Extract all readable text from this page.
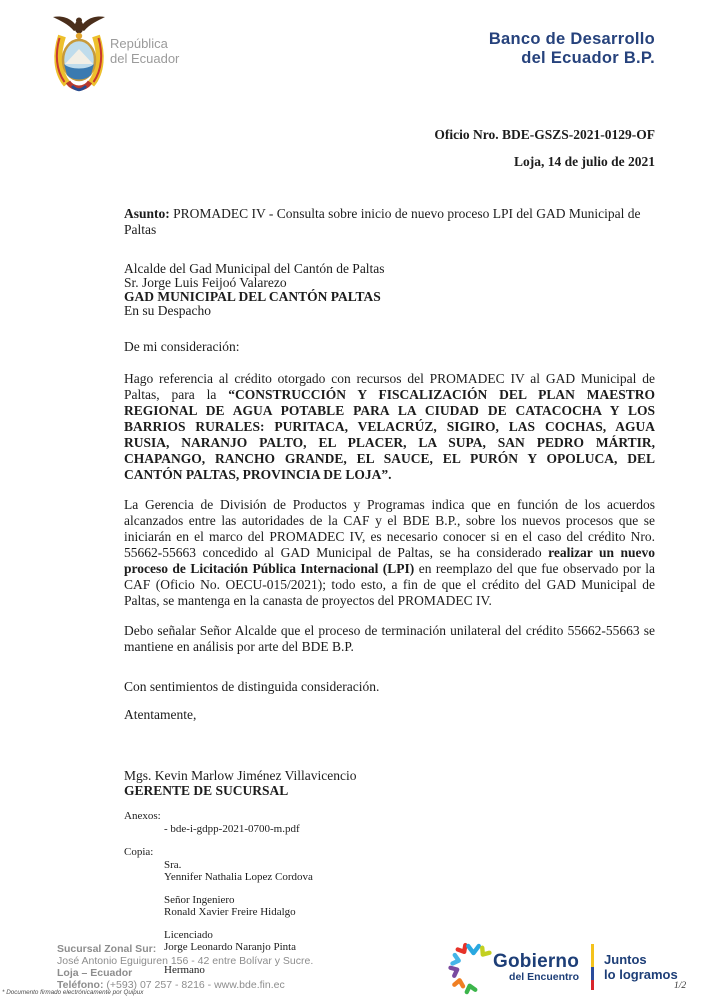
República
del Ecuador
Banco de Desarrollo
del Ecuador B.P.

Oficio Nro. BDE-GSZS-2021-0129-OF

Loja, 14 de julio de 2021

Asunto: PROMADEC IV - Consulta sobre inicio de nuevo proceso LPI del GAD Municipal de Paltas

Alcalde del Gad Municipal del Cantón de Paltas
Sr. Jorge Luis Feijoó Valarezo
GAD MUNICIPAL DEL CANTÓN PALTAS
En su Despacho

De mi consideración:

Hago referencia al crédito otorgado con recursos del PROMADEC IV al GAD Municipal de Paltas, para la “CONSTRUCCIÓN Y FISCALIZACIÓN DEL PLAN MAESTRO REGIONAL DE AGUA POTABLE PARA LA CIUDAD DE CATACOCHA Y LOS BARRIOS RURALES: PURITACA, VELACRÚZ, SIGIRO, LAS COCHAS, AGUA RUSIA, NARANJO PALTO, EL PLACER, LA SUPA, SAN PEDRO MÁRTIR, CHAPANGO, RANCHO GRANDE, EL SAUCE, EL PURÓN Y OPOLUCA, DEL CANTÓN PALTAS, PROVINCIA DE LOJA”.

La Gerencia de División de Productos y Programas indica que en función de los acuerdos alcanzados entre las autoridades de la CAF y el BDE B.P., sobre los nuevos procesos que se iniciarán en el marco del PROMADEC IV, es necesario conocer si en el caso del crédito Nro. 55662-55663 concedido al GAD Municipal de Paltas, se ha considerado realizar un nuevo proceso de Licitación Pública Internacional (LPI) en reemplazo del que fue observado por la CAF (Oficio No. OECU-015/2021); todo esto, a fin de que el crédito del GAD Municipal de Paltas, se mantenga en la canasta de proyectos del PROMADEC IV.

Debo señalar Señor Alcalde que el proceso de terminación unilateral del crédito 55662-55663 se mantiene en análisis por arte del BDE B.P.

Con sentimientos de distinguida consideración.

Atentamente,

Mgs. Kevin Marlow Jiménez Villavicencio
GERENTE DE SUCURSAL
Anexos:
- bde-i-gdpp-2021-0700-m.pdf
Copia:
Sra.
Yennifer Nathalia Lopez Cordova
Señor Ingeniero
Ronald Xavier Freire Hidalgo
Licenciado
Jorge Leonardo Naranjo Pinta
Hermano
Sucursal Zonal Sur:
José Antonio Eguiguren 156 - 42 entre Bolívar y Sucre.
Loja – Ecuador
Teléfono: (+593) 07 257 - 8216 - www.bde.fin.ec
* Documento firmado electrónicamente por Quipux
Gobierno
del Encuentro
Juntos
lo logramos
1/2
